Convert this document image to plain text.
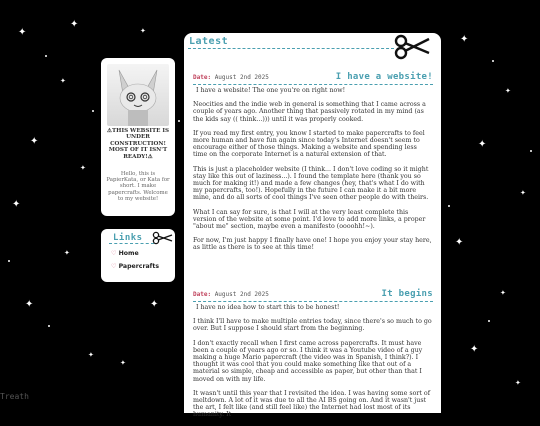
✦
✦
✦
✦
✦
✦
✦
✦
✦
✦
✦
✦
✦
✦
✦
✦
✦
✦
✦
✦
⚠THIS WEBSITE IS UNDER CONSTRUCTION! MOST OF IT ISN'T READY!⚠
Hello, this is PapierKata, or Kata for short. I make papercrafts. Welcome to my website!
Links
♡ Home
♡ Papercrafts
Latest
Date: August 2nd 2025	I have a website!

I have a website! The one you're on right now!

Neocities and the indie web in general is something that I came across a couple of years ago. Another thing that passively rotated in my mind (as the kids say (( think...))) until it was properly cooked.

If you read my first entry, you know I started to make papercrafts to feel more human and have fun again since today's Internet doesn't seem to encourage either of those things. Making a website and spending less time on the corporate Internet is a natural extension of that.

This is just a placeholder website (I think... I don't love coding so it might stay like this out of laziness...). I found the template here (thank you so much for making it!) and made a few changes (hey, that's what I do with my papercrafts, too!). Hopefully in the future I can make it a bit more mine, and do all sorts of cool things I've seen other people do with theirs.

What I can say for sure, is that I will at the very least complete this version of the website at some point. I'd love to add more links, a proper "about me" section, maybe even a manifesto (oooohh!~).

For now, I'm just happy I finally have one! I hope you enjoy your stay here, as little as there is to see at this time!

Date: August 2nd 2025	It begins

I have no idea how to start this to be honest!

I think I'll have to make multiple entries today, since there's so much to go over. But I suppose I should start from the beginning.

I don't exactly recall when I first came across papercrafts. It must have been a couple of years ago or so. I think it was a Youtube video of a guy making a huge Mario papercraft (the video was in Spanish, I think?). I thought it was cool that you could make something like that out of a material so simple, cheap and accessible as paper, but other than that I moved on with my life.

It wasn't until this year that I revisited the idea. I was having some sort of meltdown. A lot of it was due to all the AI BS going on. And it wasn't just the art, I felt like (and still feel like) the Internet had lost most of its humanity. It

Treath
